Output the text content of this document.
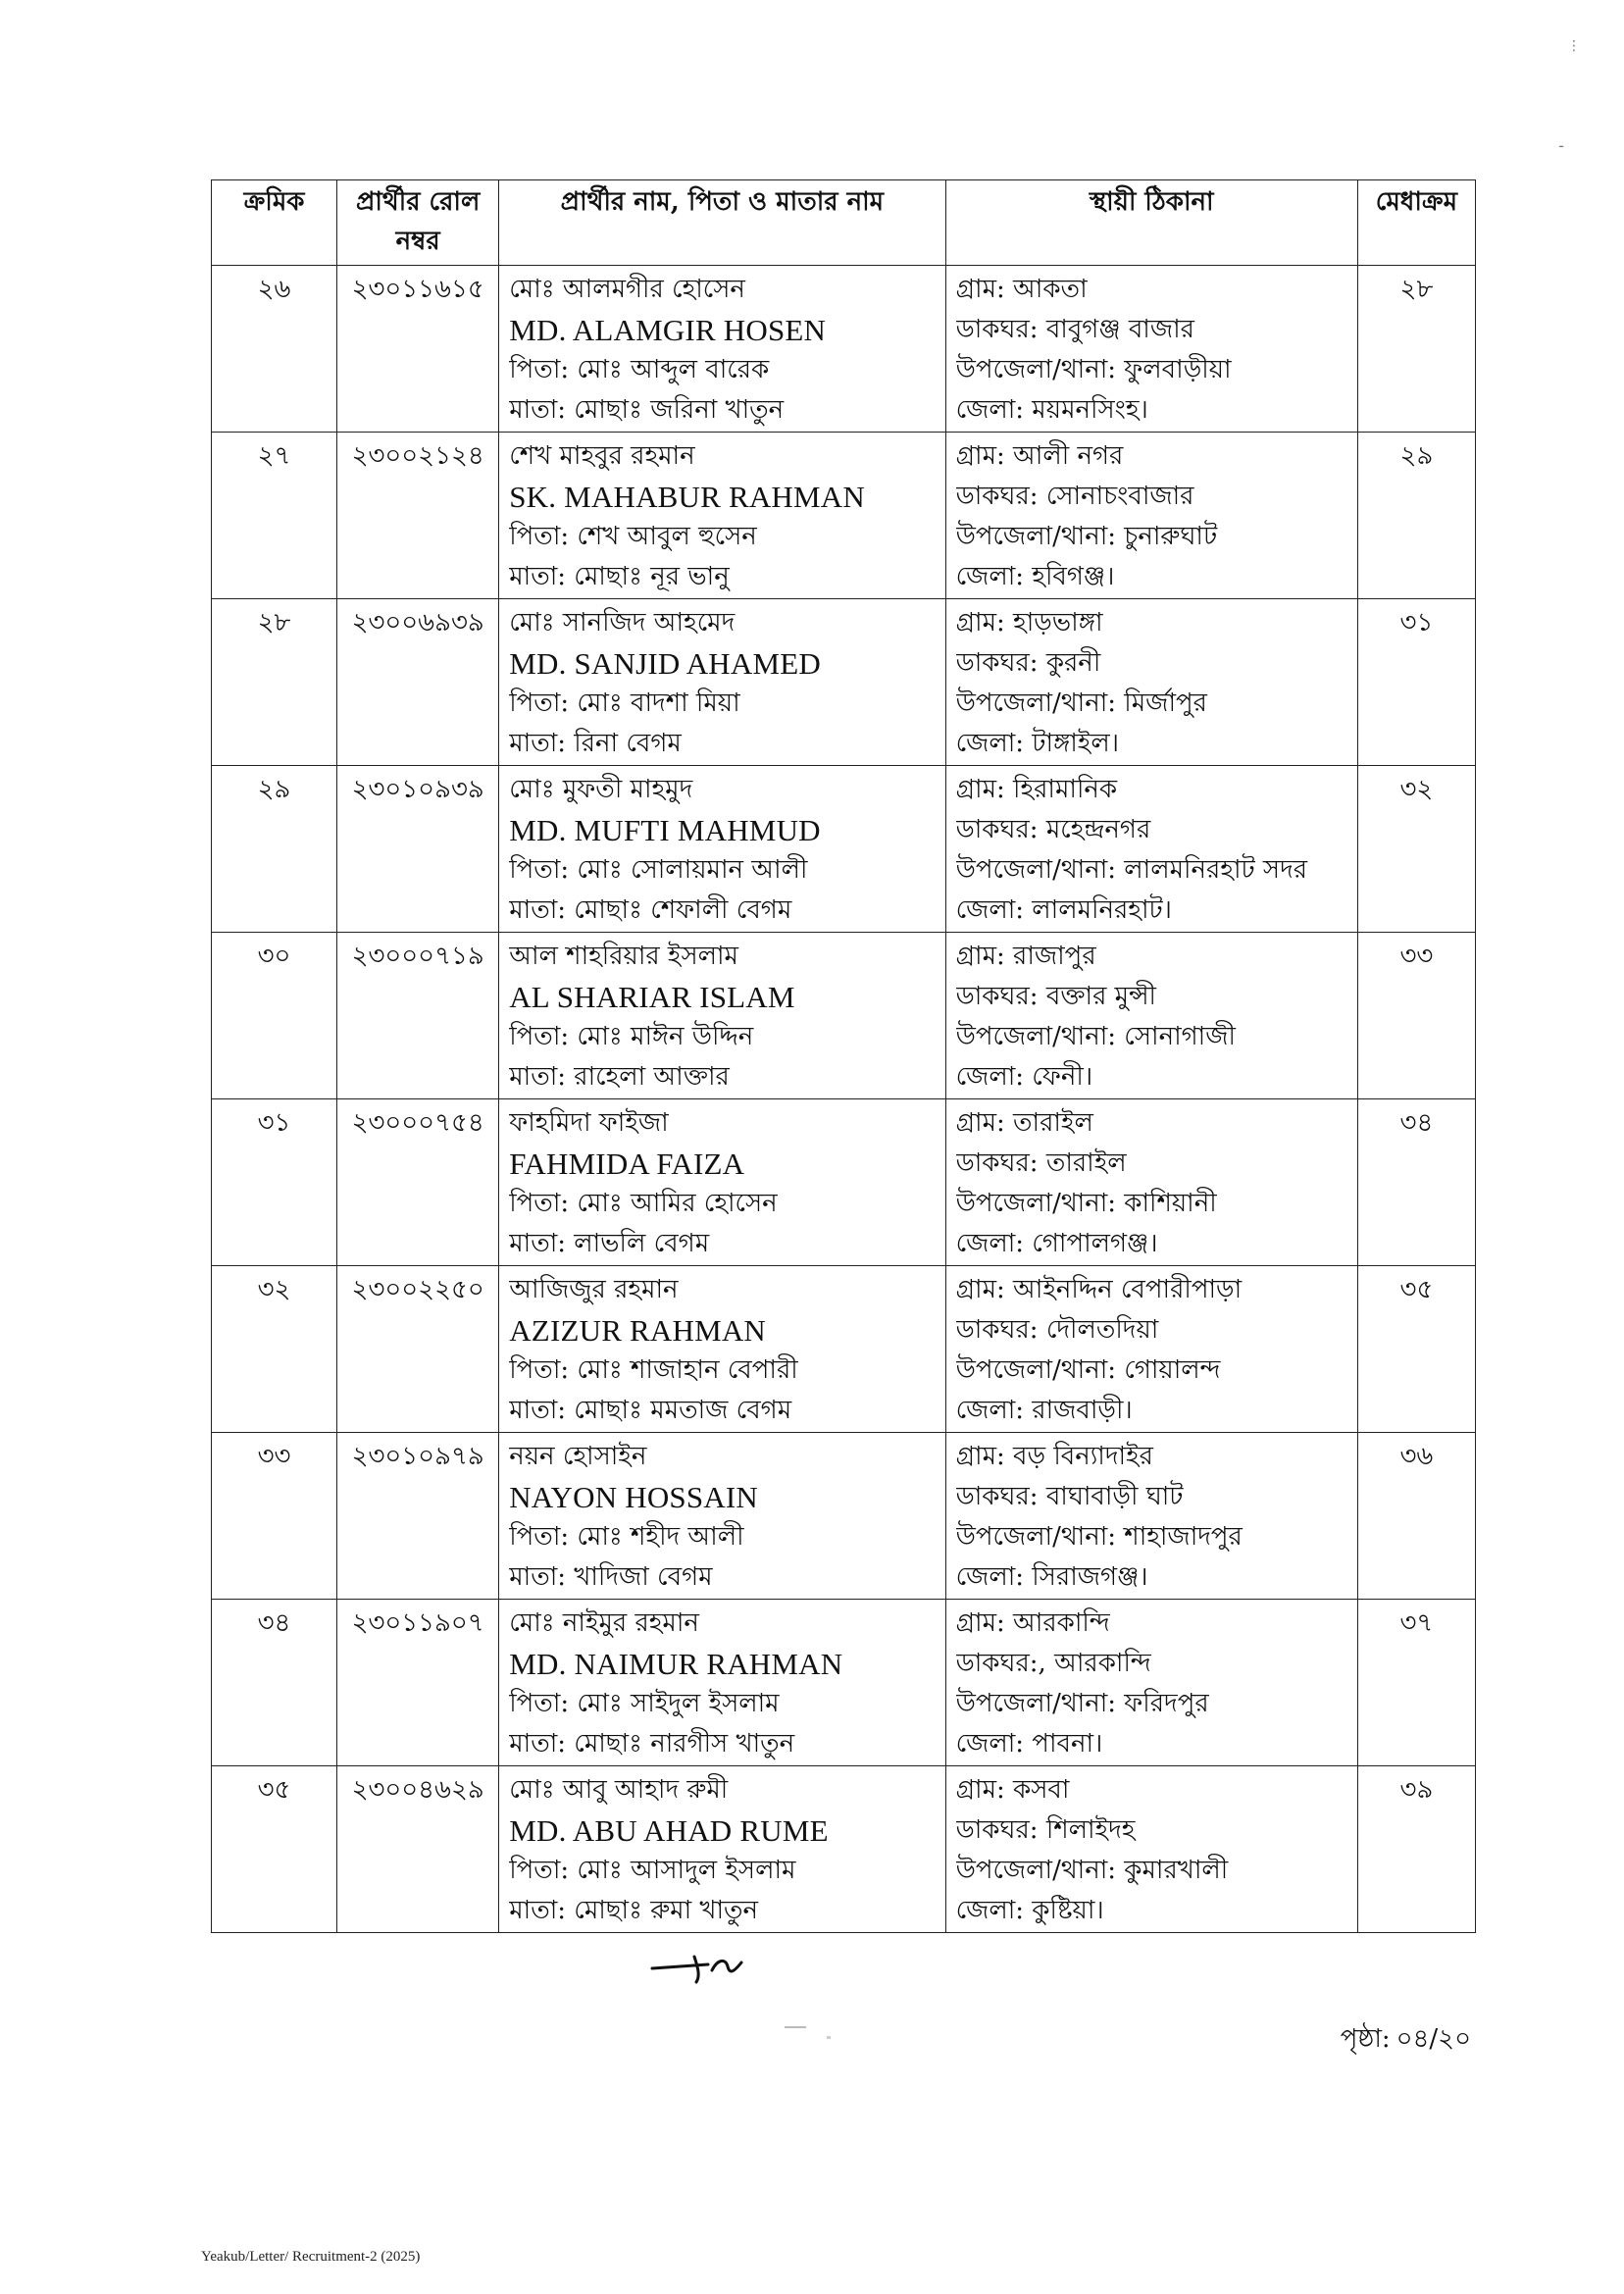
⋮
ـ
ক্রমিক	প্রার্থীর রোল নম্বর	প্রার্থীর নাম, পিতা ও মাতার নাম	স্থায়ী ঠিকানা	মেধাক্রম
২৬	২৩০১১৬১৫	মোঃ আলমগীর হোসেন
MD. ALAMGIR HOSEN
পিতা: মোঃ আব্দুল বারেক
মাতা: মোছাঃ জরিনা খাতুন	গ্রাম: আকতা
ডাকঘর: বাবুগঞ্জ বাজার
উপজেলা/থানা: ফুলবাড়ীয়া
জেলা: ময়মনসিংহ।	২৮
২৭	২৩০০২১২৪	শেখ মাহবুর রহমান
SK. MAHABUR RAHMAN
পিতা: শেখ আবুল হুসেন
মাতা: মোছাঃ নূর ভানু	গ্রাম: আলী নগর
ডাকঘর: সোনাচংবাজার
উপজেলা/থানা: চুনারুঘাট
জেলা: হবিগঞ্জ।	২৯
২৮	২৩০০৬৯৩৯	মোঃ সানজিদ আহমেদ
MD. SANJID AHAMED
পিতা: মোঃ বাদশা মিয়া
মাতা: রিনা বেগম	গ্রাম: হাড়ভাঙ্গা
ডাকঘর: কুরনী
উপজেলা/থানা: মির্জাপুর
জেলা: টাঙ্গাইল।	৩১
২৯	২৩০১০৯৩৯	মোঃ মুফতী মাহমুদ
MD. MUFTI MAHMUD
পিতা: মোঃ সোলায়মান আলী
মাতা: মোছাঃ শেফালী বেগম	গ্রাম: হিরামানিক
ডাকঘর: মহেন্দ্রনগর
উপজেলা/থানা: লালমনিরহাট সদর
জেলা: লালমনিরহাট।	৩২
৩০	২৩০০০৭১৯	আল শাহরিয়ার ইসলাম
AL SHARIAR ISLAM
পিতা: মোঃ মাঈন উদ্দিন
মাতা: রাহেলা আক্তার	গ্রাম: রাজাপুর
ডাকঘর: বক্তার মুন্সী
উপজেলা/থানা: সোনাগাজী
জেলা: ফেনী।	৩৩
৩১	২৩০০০৭৫৪	ফাহমিদা ফাইজা
FAHMIDA FAIZA
পিতা: মোঃ আমির হোসেন
মাতা: লাভলি বেগম	গ্রাম: তারাইল
ডাকঘর: তারাইল
উপজেলা/থানা: কাশিয়ানী
জেলা: গোপালগঞ্জ।	৩৪
৩২	২৩০০২২৫০	আজিজুর রহমান
AZIZUR RAHMAN
পিতা: মোঃ শাজাহান বেপারী
মাতা: মোছাঃ মমতাজ বেগম	গ্রাম: আইনদ্দিন বেপারীপাড়া
ডাকঘর: দৌলতদিয়া
উপজেলা/থানা: গোয়ালন্দ
জেলা: রাজবাড়ী।	৩৫
৩৩	২৩০১০৯৭৯	নয়ন হোসাইন
NAYON HOSSAIN
পিতা: মোঃ শহীদ আলী
মাতা: খাদিজা বেগম	গ্রাম: বড় বিন্যাদাইর
ডাকঘর: বাঘাবাড়ী ঘাট
উপজেলা/থানা: শাহাজাদপুর
জেলা: সিরাজগঞ্জ।	৩৬
৩৪	২৩০১১৯০৭	মোঃ নাইমুর রহমান
MD. NAIMUR RAHMAN
পিতা: মোঃ সাইদুল ইসলাম
মাতা: মোছাঃ নারগীস খাতুন	গ্রাম: আরকান্দি
ডাকঘর:, আরকান্দি
উপজেলা/থানা: ফরিদপুর
জেলা: পাবনা।	৩৭
৩৫	২৩০০৪৬২৯	মোঃ আবু আহাদ রুমী
MD. ABU AHAD RUME
পিতা: মোঃ আসাদুল ইসলাম
মাতা: মোছাঃ রুমা খাতুন	গ্রাম: কসবা
ডাকঘর: শিলাইদহ
উপজেলা/থানা: কুমারখালী
জেলা: কুষ্টিয়া।	৩৯
পৃষ্ঠা: ০৪/২০
Yeakub/Letter/ Recruitment-2 (2025)
